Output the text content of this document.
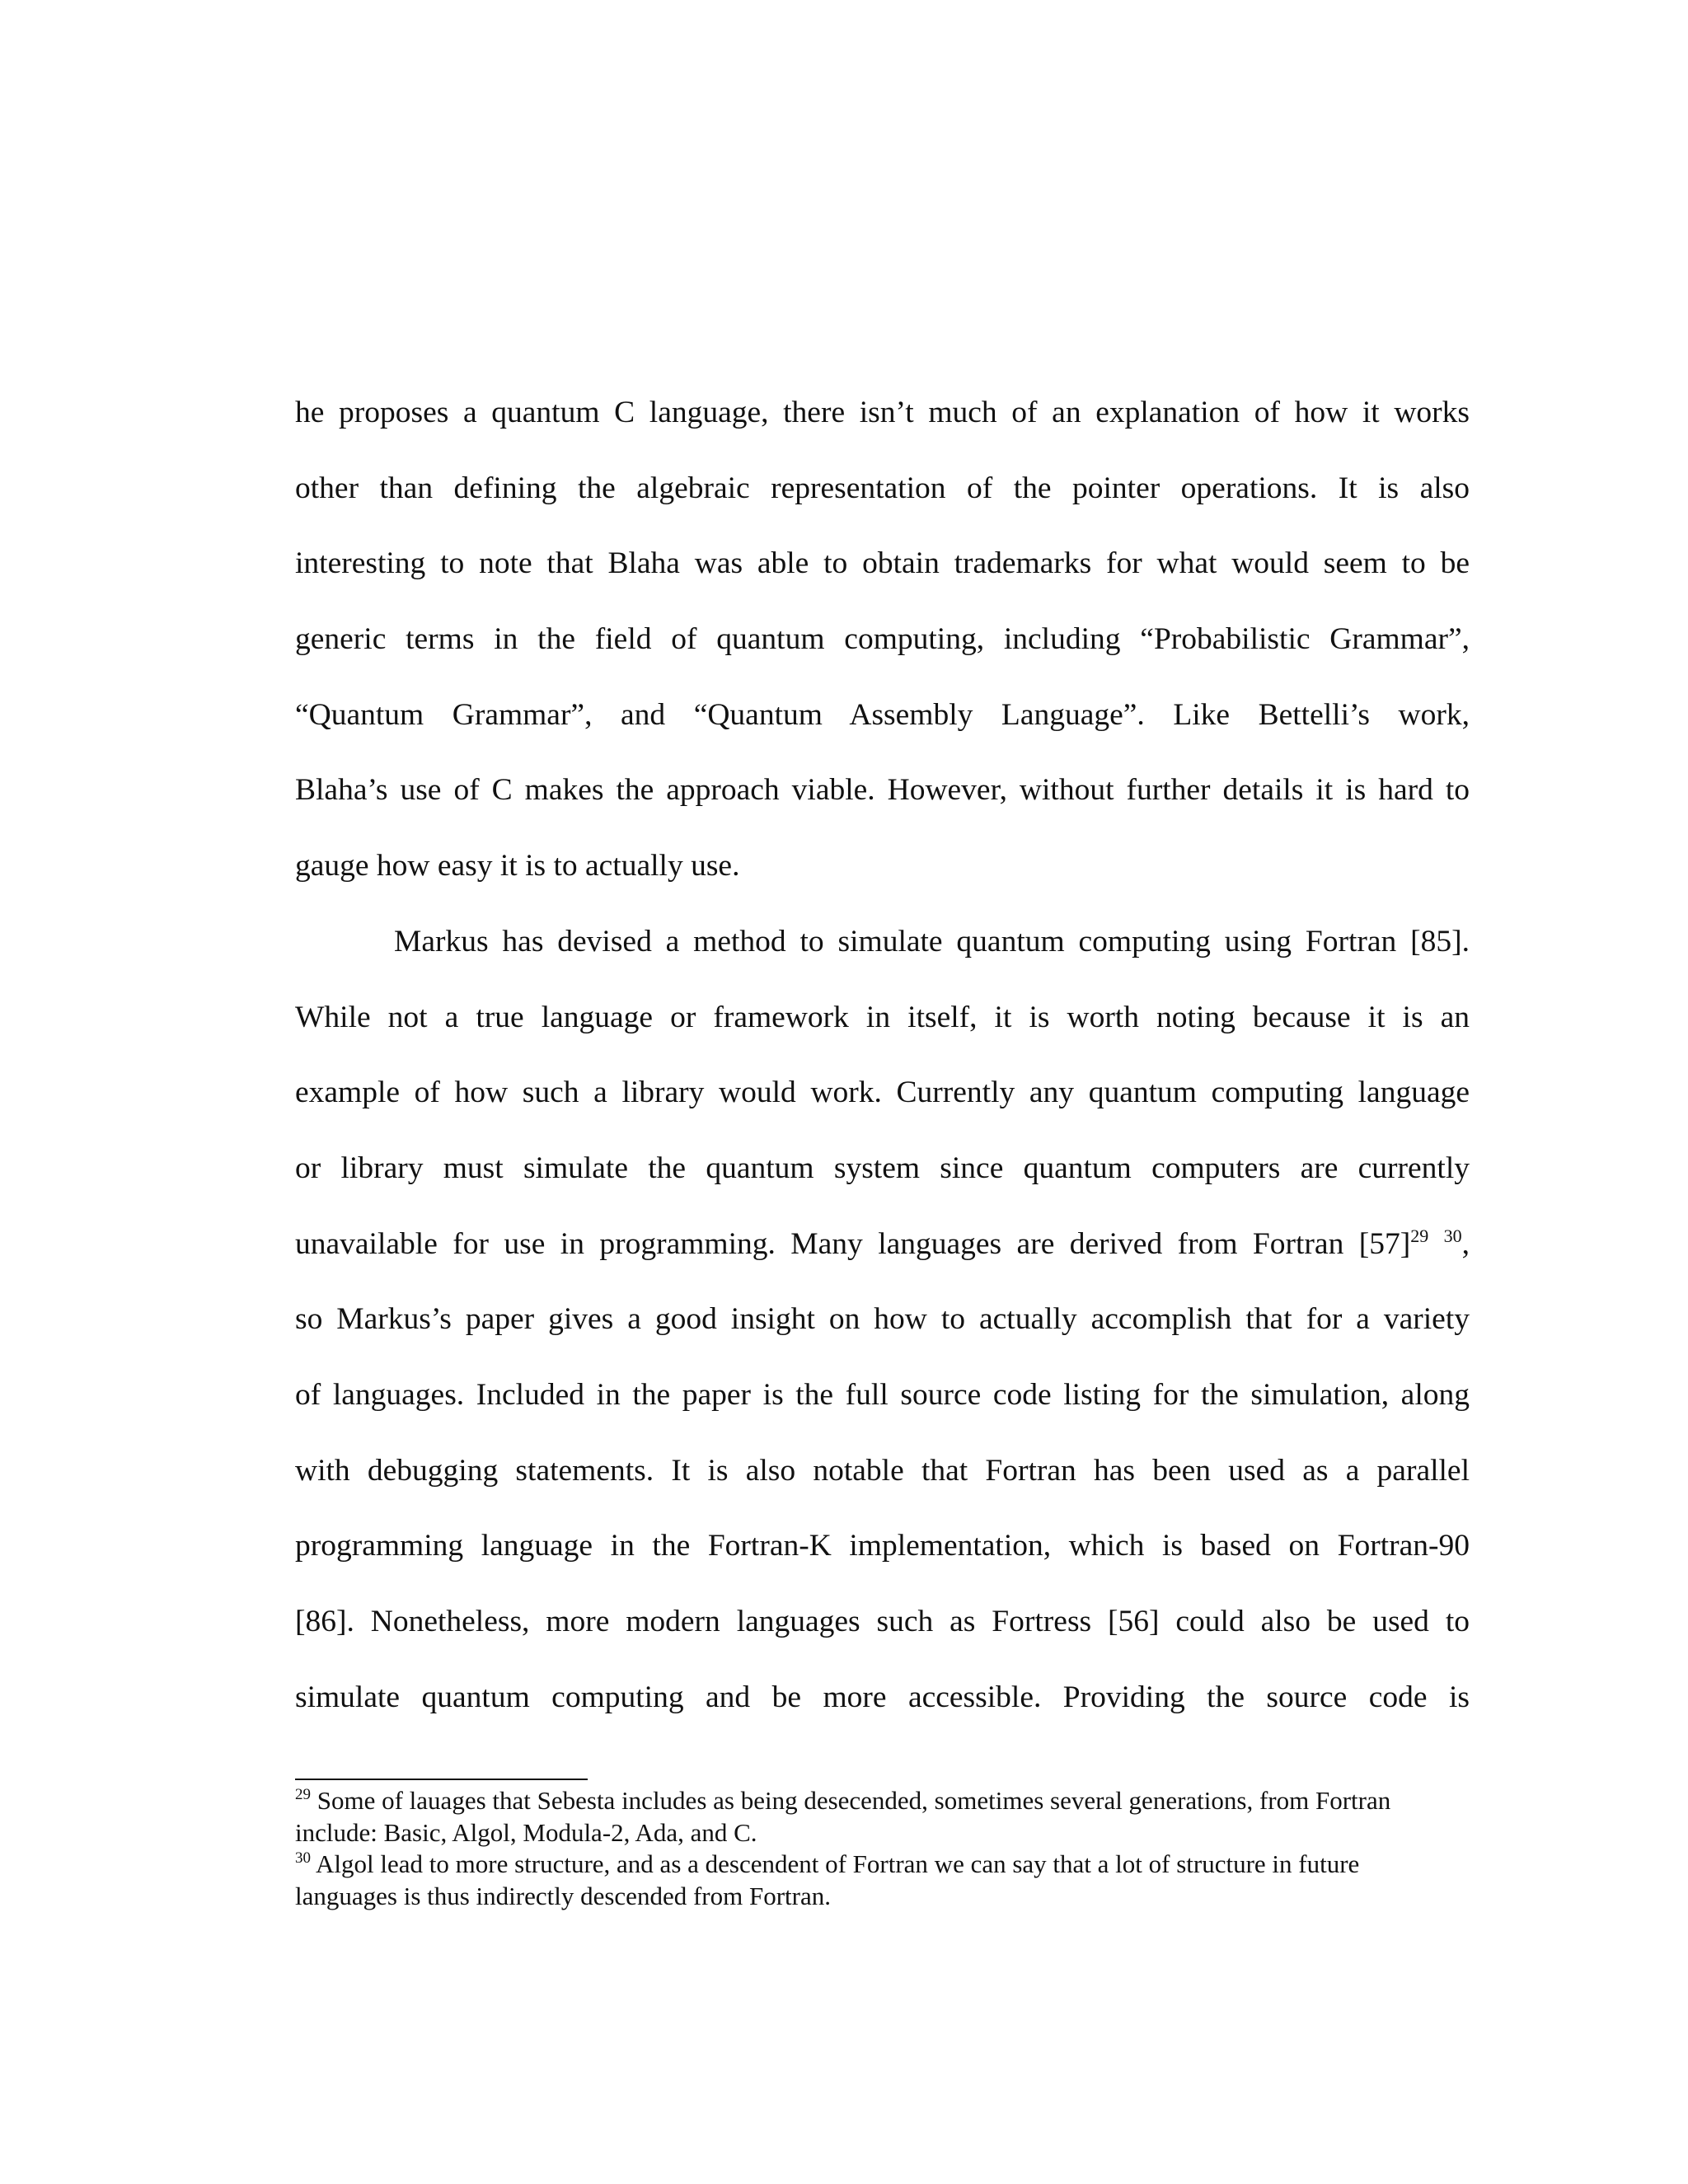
he proposes a quantum C language, there isn’t much of an explanation of how it works
other than defining the algebraic representation of the pointer operations. It is also
interesting to note that Blaha was able to obtain trademarks for what would seem to be
generic terms in the field of quantum computing, including “Probabilistic Grammar”,
“Quantum Grammar”, and “Quantum Assembly Language”. Like Bettelli’s work,
Blaha’s use of C makes the approach viable. However, without further details it is hard to
gauge how easy it is to actually use.
Markus has devised a method to simulate quantum computing using Fortran [85].
While not a true language or framework in itself, it is worth noting because it is an
example of how such a library would work. Currently any quantum computing language
or library must simulate the quantum system since quantum computers are currently
unavailable for use in programming. Many languages are derived from Fortran [57]$^{29}$ $^{30}$,
so Markus’s paper gives a good insight on how to actually accomplish that for a variety
of languages. Included in the paper is the full source code listing for the simulation, along
with debugging statements. It is also notable that Fortran has been used as a parallel
programming language in the Fortran-K implementation, which is based on Fortran-90
[86]. Nonetheless, more modern languages such as Fortress [56] could also be used to
simulate quantum computing and be more accessible. Providing the source code is
$^{29}$ Some of lauages that Sebesta includes as being desecended, sometimes several generations, from Fortran
include: Basic, Algol, Modula-2, Ada, and C.
$^{30}$ Algol lead to more structure, and as a descendent of Fortran we can say that a lot of structure in future
languages is thus indirectly descended from Fortran.
